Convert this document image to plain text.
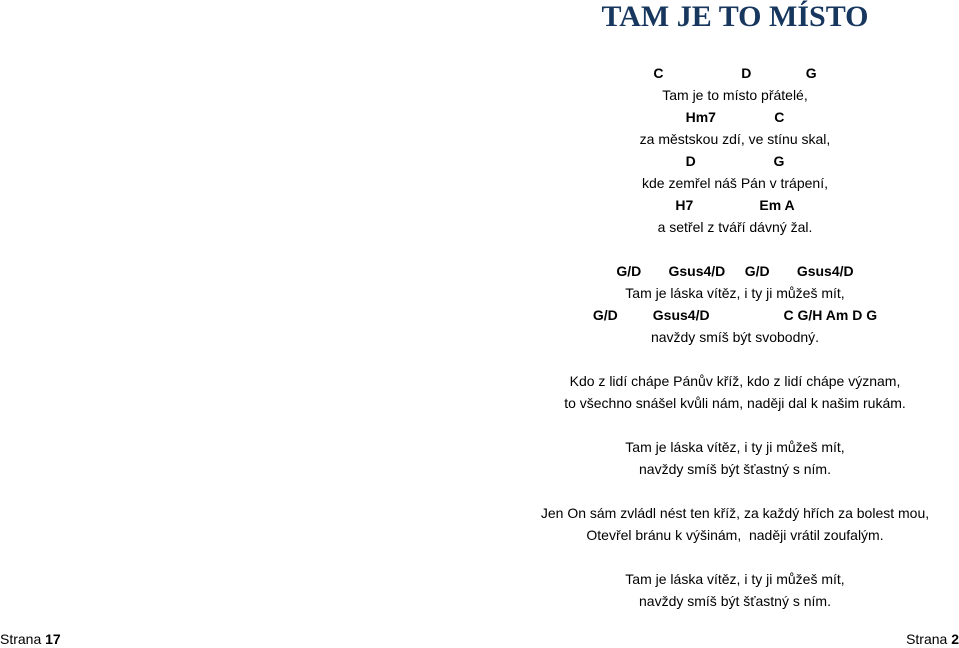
TAM JE TO MÍSTO
C                    D              G
Tam je to místo přátelé,
Hm7               C
za městskou zdí, ve stínu skal,
D                    G
kde zemřel náš Pán v trápení,
H7                 Em A
a setřel z tváří dávný žal.
G/D       Gsus4/D     G/D       Gsus4/D
Tam je láska vítěz, i ty ji můžeš mít,
G/D         Gsus4/D                   C G/H Am D G
navždy smíš být svobodný.
Kdo z lidí chápe Pánův kříž, kdo z lidí chápe význam,
to všechno snášel kvůli nám, naději dal k našim rukám.
Tam je láska vítěz, i ty ji můžeš mít,
navždy smíš být šťastný s ním.
Jen On sám zvládl nést ten kříž, za každý hřích za bolest mou,
Otevřel bránu k výšinám,  naději vrátil zoufalým.
Tam je láska vítěz, i ty ji můžeš mít,
navždy smíš být šťastný s ním.
Strana 17	Strana 2
